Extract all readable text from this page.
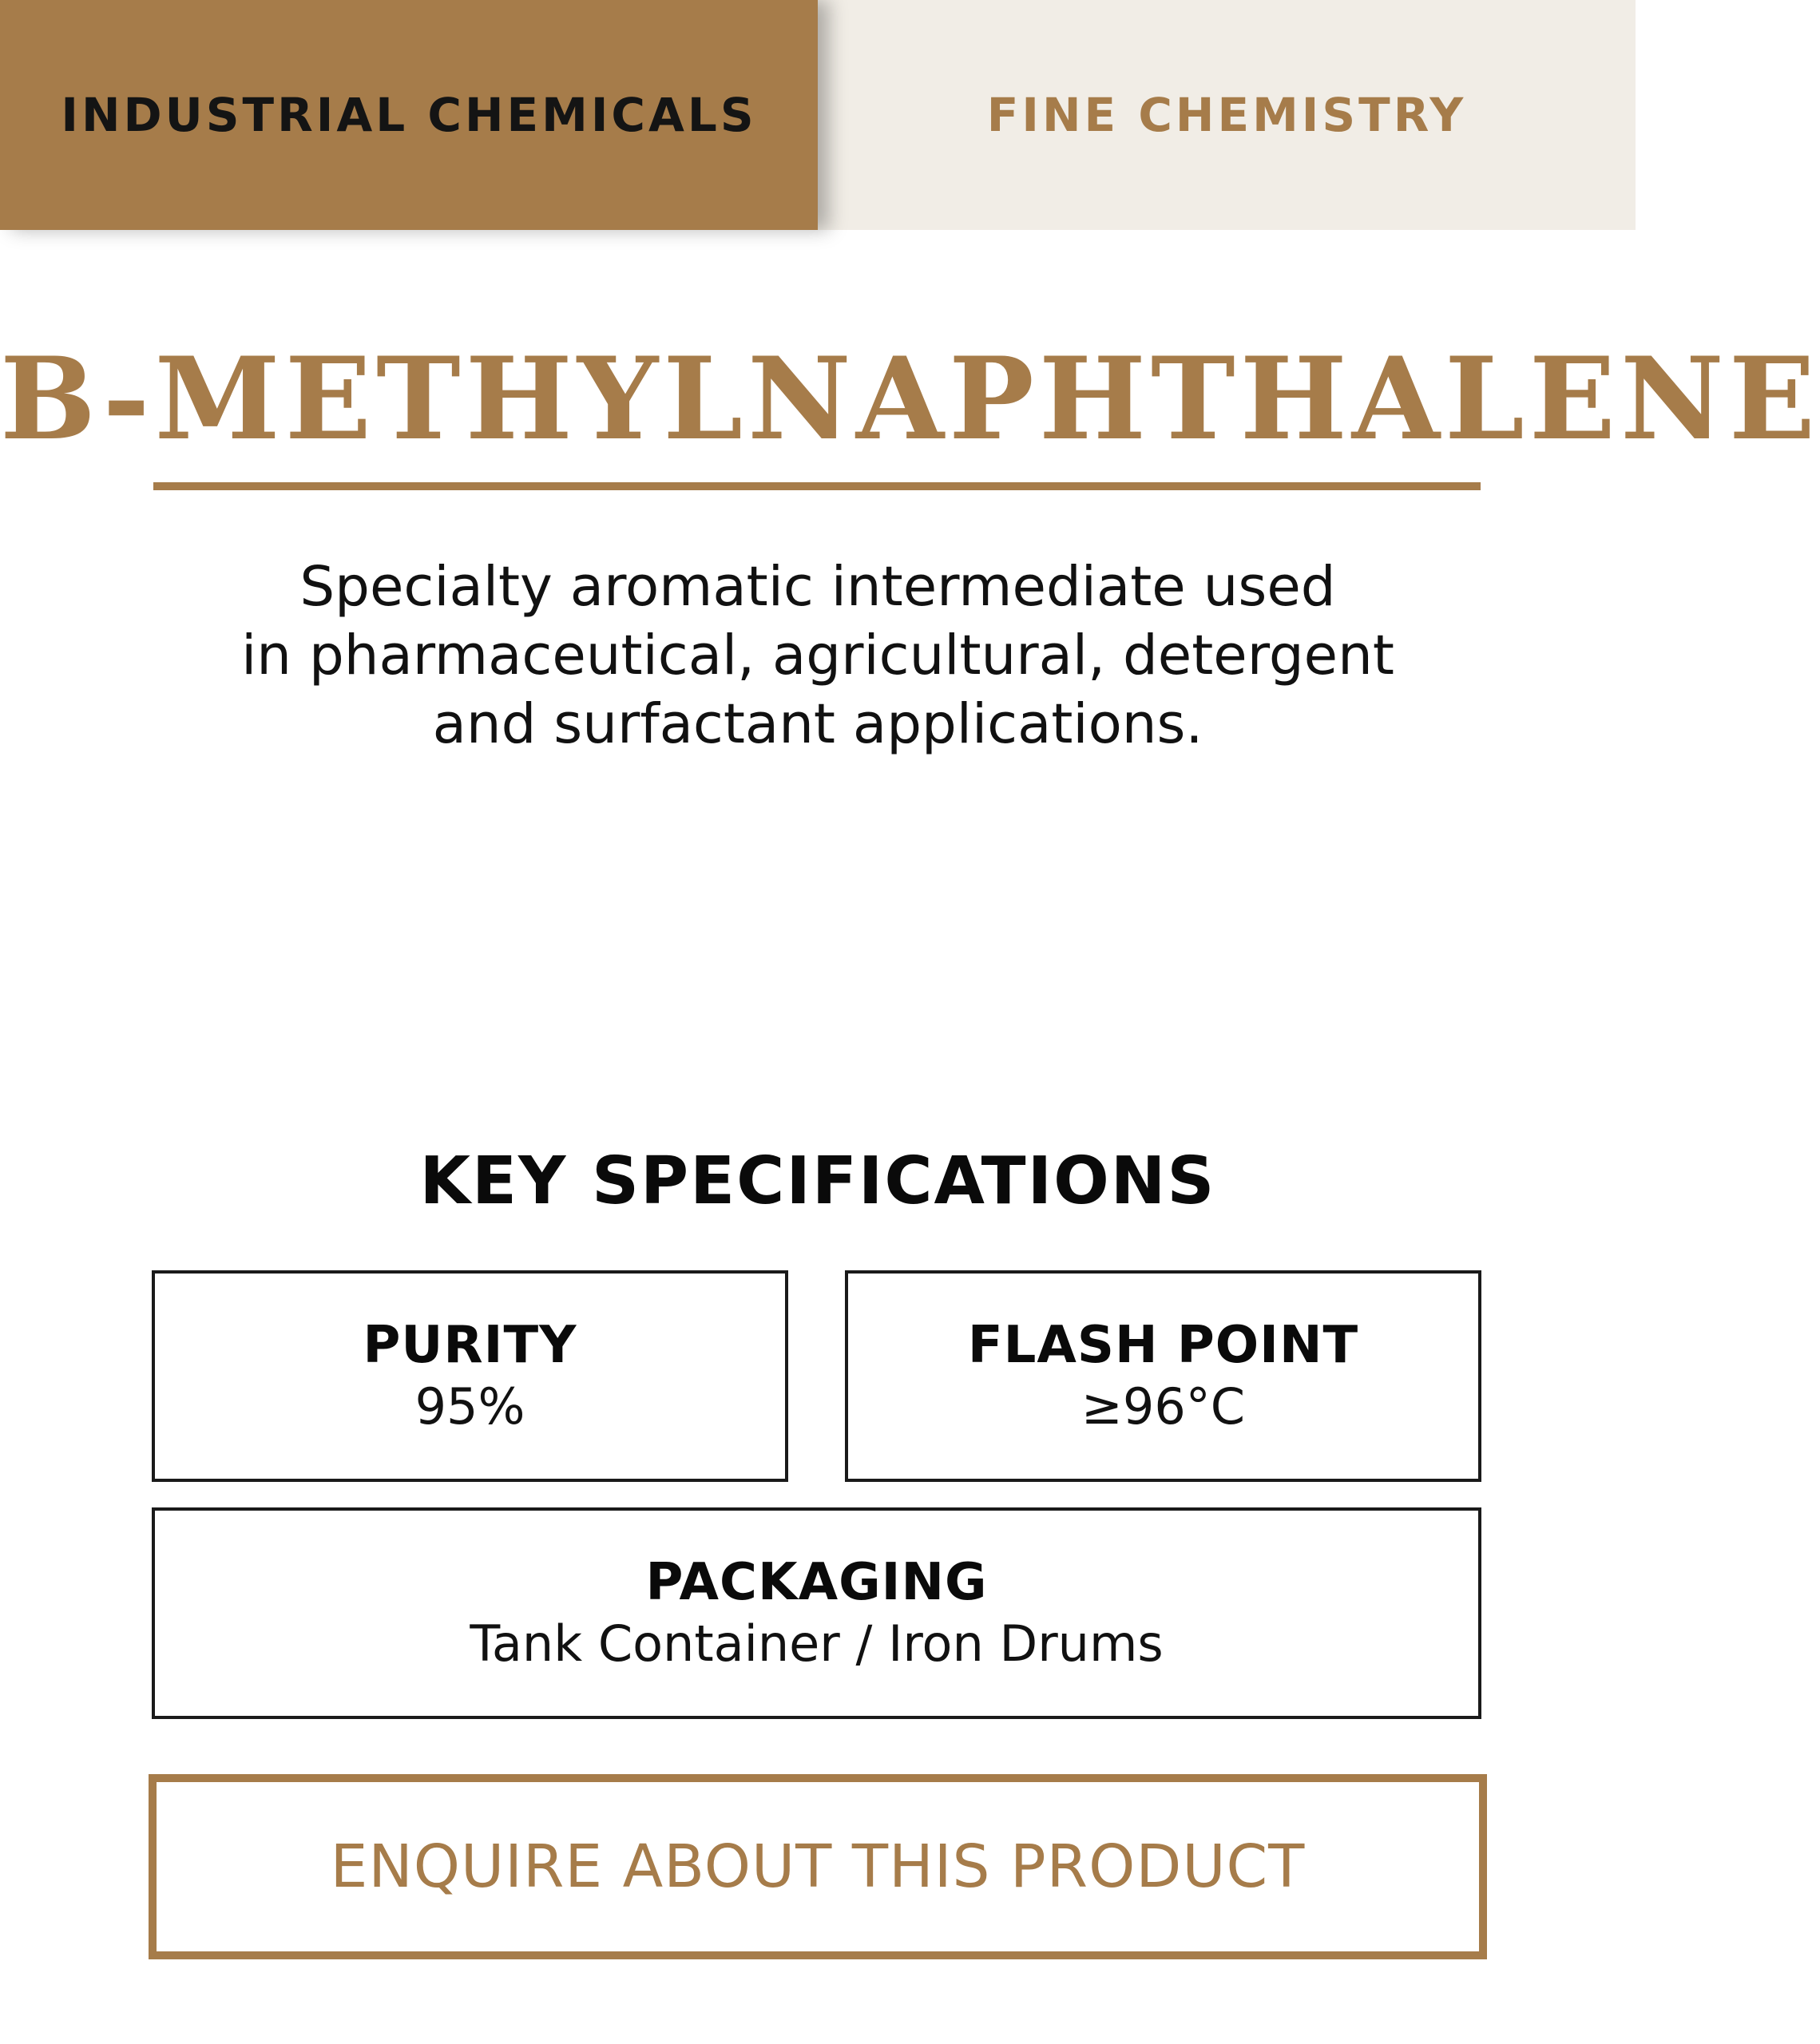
INDUSTRIAL CHEMICALS	FINE CHEMISTRY
B-METHYLNAPHTHALENE

Specialty aromatic intermediate used
in pharmaceutical, agricultural, detergent
and surfactant applications.

KEY SPECIFICATIONS
PURITY
95%
FLASH POINT
≥96°C
PACKAGING
Tank Container / Iron Drums
ENQUIRE ABOUT THIS PRODUCT
